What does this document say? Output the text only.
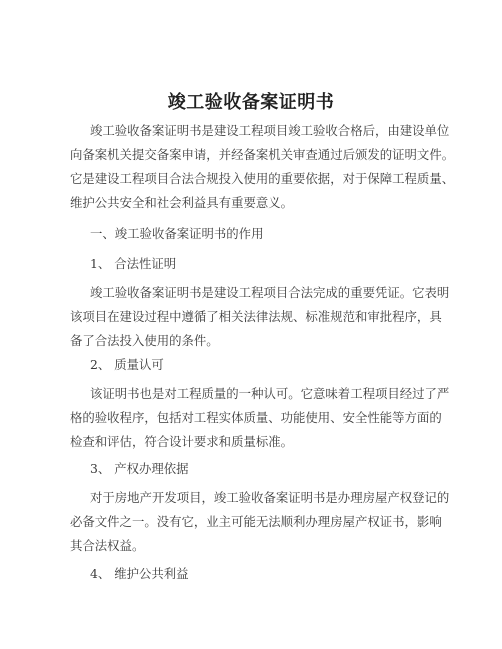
竣工验收备案证明书
竣工验收备案证明书是建设工程项目竣工验收合格后，由建设单位
向备案机关提交备案申请，并经备案机关审查通过后颁发的证明文件。
它是建设工程项目合法合规投入使用的重要依据，对于保障工程质量、
维护公共安全和社会利益具有重要意义。
一、竣工验收备案证明书的作用
1、 合法性证明
竣工验收备案证明书是建设工程项目合法完成的重要凭证。它表明
该项目在建设过程中遵循了相关法律法规、标准规范和审批程序，具
备了合法投入使用的条件。
2、 质量认可
该证明书也是对工程质量的一种认可。它意味着工程项目经过了严
格的验收程序，包括对工程实体质量、功能使用、安全性能等方面的
检查和评估，符合设计要求和质量标准。
3、 产权办理依据
对于房地产开发项目，竣工验收备案证明书是办理房屋产权登记的
必备文件之一。没有它，业主可能无法顺利办理房屋产权证书，影响
其合法权益。
4、 维护公共利益
